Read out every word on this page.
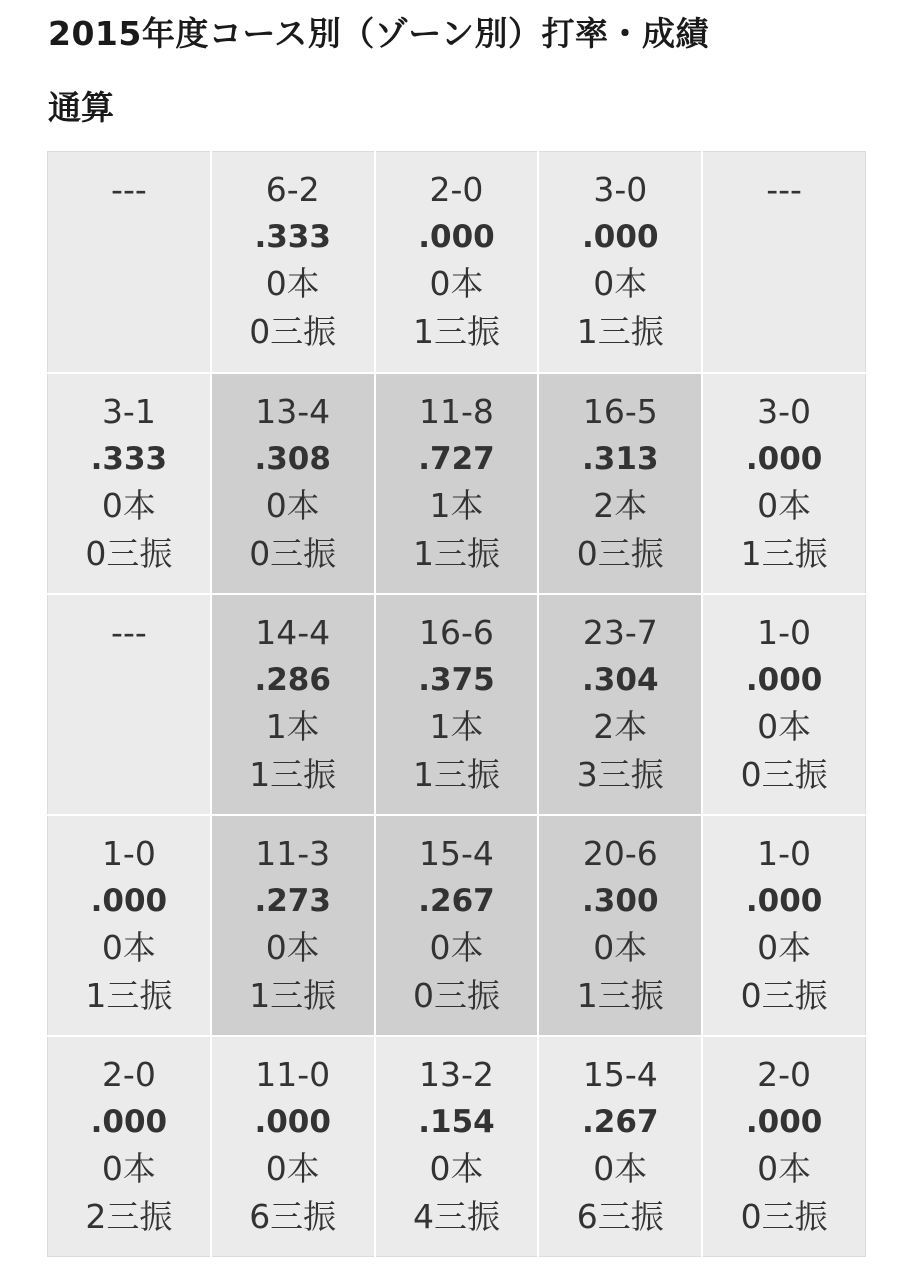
2015年度コース別（ゾーン別）打率・成績
通算
---	6-2
.333
0本
0三振	2-0
.000
0本
1三振	3-0
.000
0本
1三振	---

3-1
.333
0本
0三振	13-4
.308
0本
0三振	11-8
.727
1本
1三振	16-5
.313
2本
0三振	3-0
.000
0本
1三振

---	14-4
.286
1本
1三振	16-6
.375
1本
1三振	23-7
.304
2本
3三振	1-0
.000
0本
0三振

1-0
.000
0本
1三振	11-3
.273
0本
1三振	15-4
.267
0本
0三振	20-6
.300
0本
1三振	1-0
.000
0本
0三振

2-0
.000
0本
2三振	11-0
.000
0本
6三振	13-2
.154
0本
4三振	15-4
.267
0本
6三振	2-0
.000
0本
0三振
